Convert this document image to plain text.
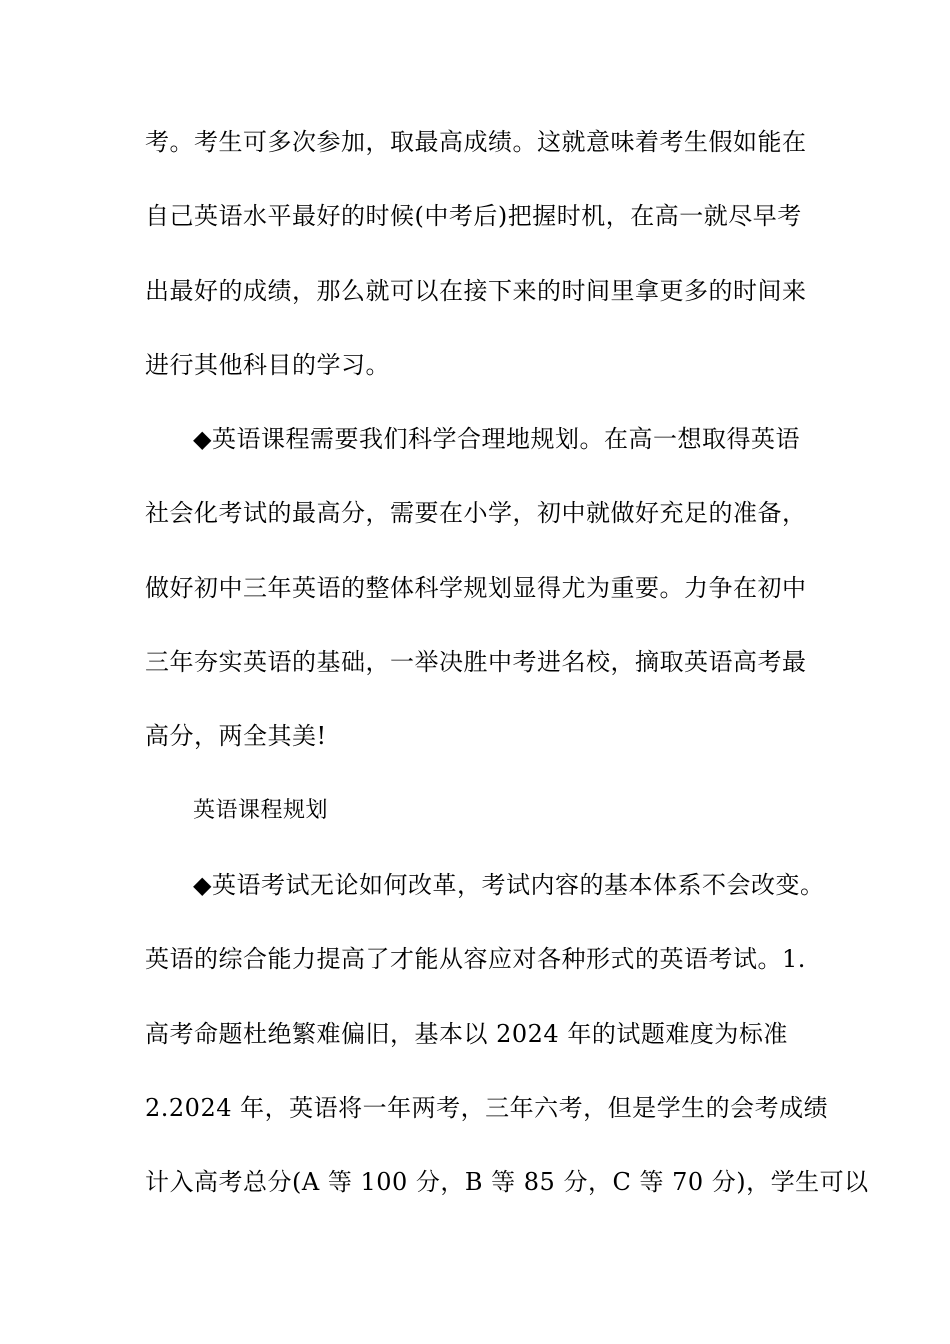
考。考生可多次参加，取最高成绩。这就意味着考生假如能在
自己英语水平最好的时候(中考后)把握时机，在高一就尽早考
出最好的成绩，那么就可以在接下来的时间里拿更多的时间来
进行其他科目的学习。
◆英语课程需要我们科学合理地规划。在高一想取得英语
社会化考试的最高分，需要在小学，初中就做好充足的准备，
做好初中三年英语的整体科学规划显得尤为重要。力争在初中
三年夯实英语的基础，一举决胜中考进名校，摘取英语高考最
高分，两全其美!
英语课程规划
◆英语考试无论如何改革，考试内容的基本体系不会改变。
英语的综合能力提高了才能从容应对各种形式的英语考试。1.
高考命题杜绝繁难偏旧，基本以 2024 年的试题难度为标准
2.2024 年，英语将一年两考，三年六考，但是学生的会考成绩
计入高考总分(A 等 100 分，B 等 85 分，C 等 70 分)，学生可以
